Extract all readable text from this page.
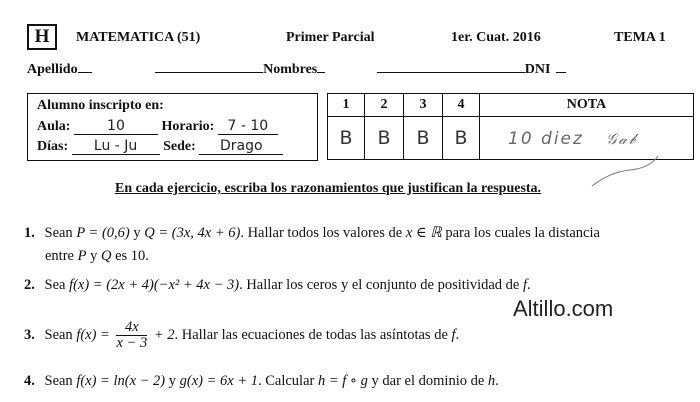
H	MATEMATICA (51)	Primer Parcial	1er. Cuat. 2016	TEMA 1
Apellido	Nombres	DNI
Alumno inscripto en:
Aula:	10	Horario: 7 - 10
Días: Lu - Ju Sede: Drago
1	2	3	4	NOTA
B	B	B	B	10 diez 𝒢𝒶𝒷
En cada ejercicio, escriba los razonamientos que justifican la respuesta.
1. Sean P = (0,6) y Q = (3x, 4x + 6). Hallar todos los valores de x ∈ ℝ para los cuales la distancia
entre P y Q es 10.
2. Sea f(x) = (2x + 4)(−x² + 4x − 3). Hallar los ceros y el conjunto de positividad de f.
Altillo.com
3. Sean $f(x) = \frac{4x}{x - 3} + 2$. Hallar las ecuaciones de todas las asíntotas de f.
4. Sean f(x) = ln(x − 2) y g(x) = 6x + 1. Calcular h = f ∘ g y dar el dominio de h.
